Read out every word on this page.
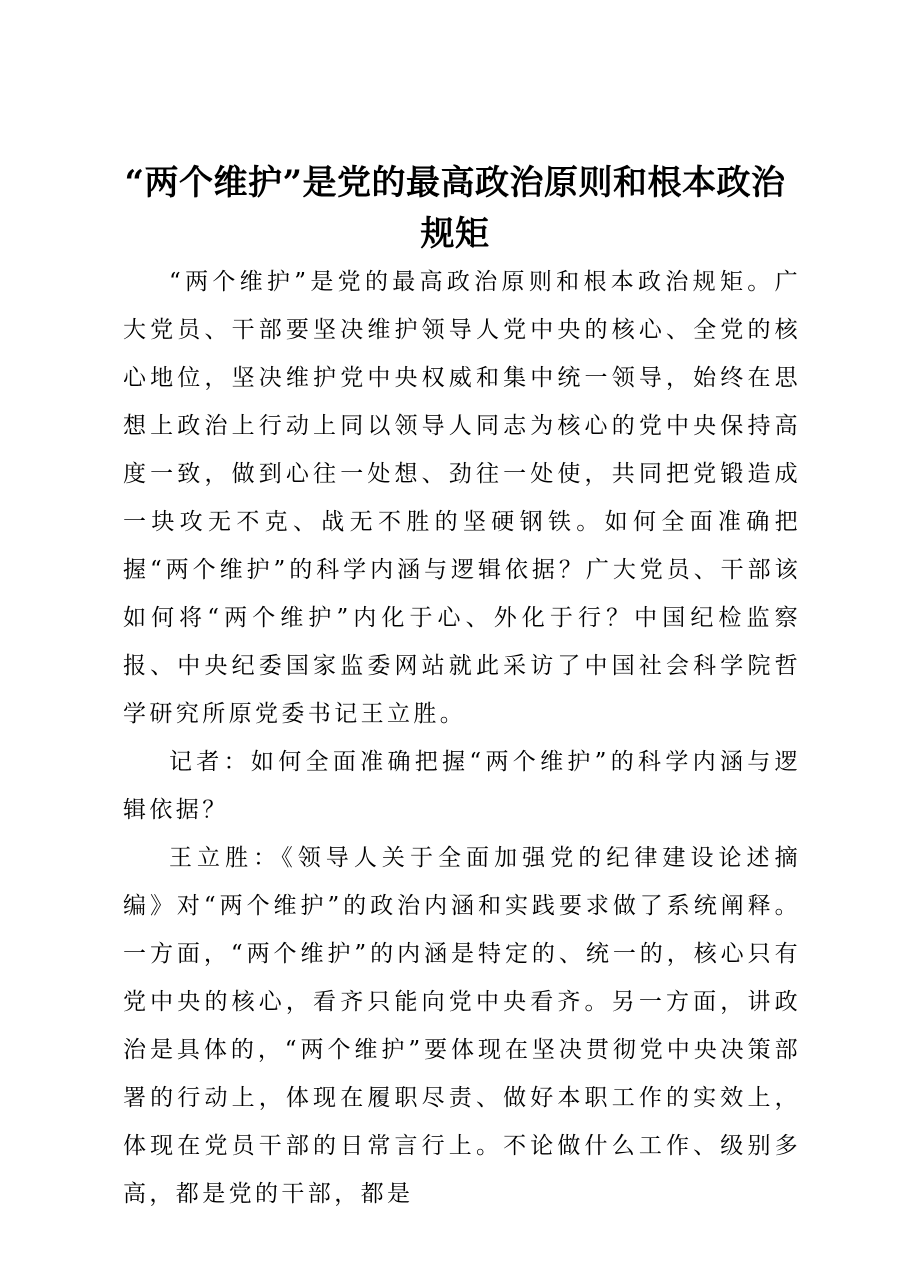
“两个维护”是党的最高政治原则和根本政治
规矩

“两个维护”是党的最高政治原则和根本政治规矩。广大党员、干部要坚决维护领导人党中央的核心、全党的核心地位，坚决维护党中央权威和集中统一领导，始终在思想上政治上行动上同以领导人同志为核心的党中央保持高度一致，做到心往一处想、劲往一处使，共同把党锻造成一块攻无不克、战无不胜的坚硬钢铁。如何全面准确把握“两个维护”的科学内涵与逻辑依据？广大党员、干部该如何将“两个维护”内化于心、外化于行？中国纪检监察报、中央纪委国家监委网站就此采访了中国社会科学院哲学研究所原党委书记王立胜。

记者：如何全面准确把握“两个维护”的科学内涵与逻辑依据？

王立胜：《领导人关于全面加强党的纪律建设论述摘编》对“两个维护”的政治内涵和实践要求做了系统阐释。一方面，“两个维护”的内涵是特定的、统一的，核心只有党中央的核心，看齐只能向党中央看齐。另一方面，讲政治是具体的，“两个维护”要体现在坚决贯彻党中央决策部署的行动上，体现在履职尽责、做好本职工作的实效上，体现在党员干部的日常言行上。不论做什么工作、级别多高，都是党的干部，都是
